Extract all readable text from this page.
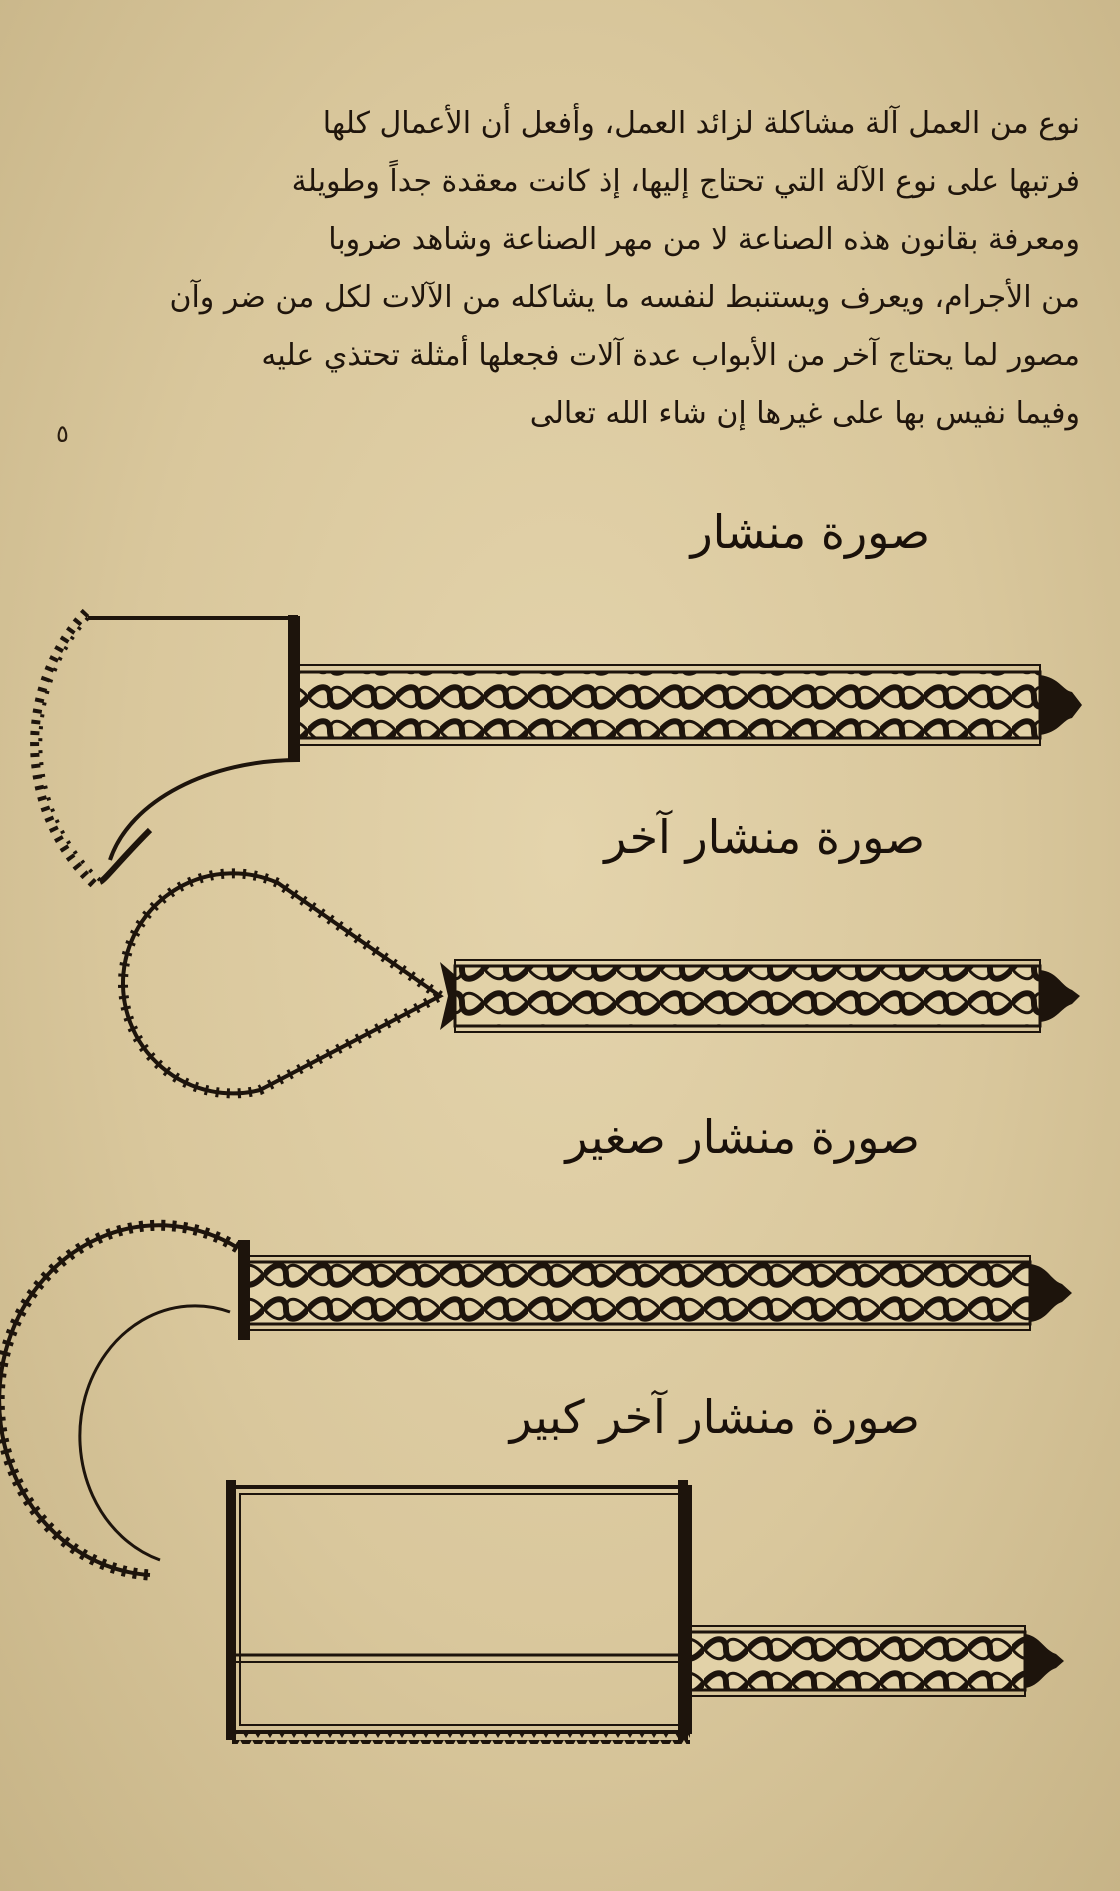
نوع من العمل آلة مشاكلة لزائد العمل، وأفعل أن الأعمال كلها
فرتبها على نوع الآلة التي تحتاج إليها، إذ كانت معقدة جداً وطويلة
ومعرفة بقانون هذه الصناعة لا من مهر الصناعة وشاهد ضروبا
من الأجرام، ويعرف ويستنبط لنفسه ما يشاكله من الآلات لكل من ضر وآن
مصور لما يحتاج آخر من الأبواب عدة آلات فجعلها أمثلة تحتذي عليه
وفيما نفيس بها على غيرها إن شاء الله تعالى
٥
صورة منشار
صورة منشار آخر
صورة منشار صغير
صورة منشار آخر كبير
